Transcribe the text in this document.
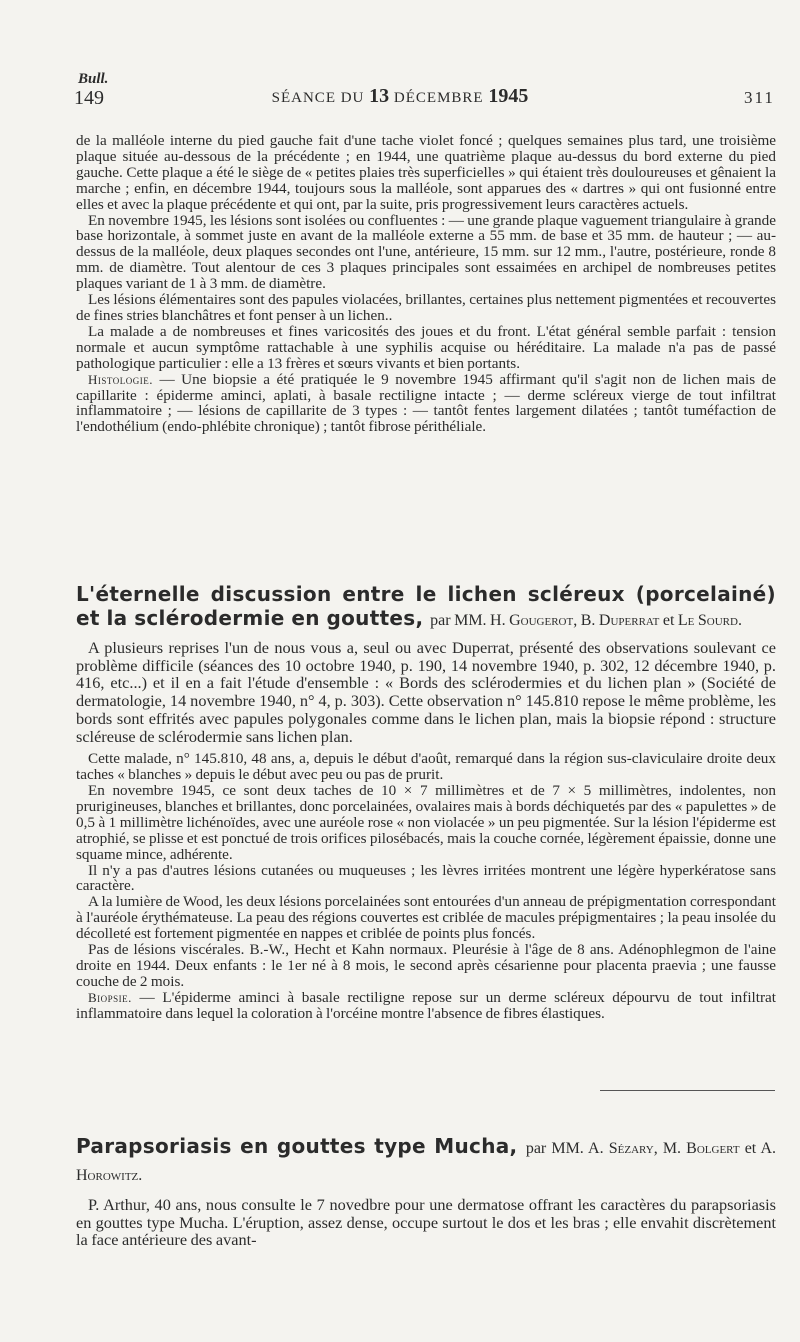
Bull.
149	SÉANCE DU 13 DÉCEMBRE 1945	311

de la malléole interne du pied gauche fait d'une tache violet foncé ; quelques semaines plus tard, une troisième plaque située au-dessous de la précédente ; en 1944, une quatrième plaque au-dessus du bord externe du pied gauche. Cette plaque a été le siège de « petites plaies très superficielles » qui étaient très douloureuses et gênaient la marche ; enfin, en décembre 1944, toujours sous la malléole, sont apparues des « dartres » qui ont fusionné entre elles et avec la plaque précédente et qui ont, par la suite, pris progressivement leurs caractères actuels.

En novembre 1945, les lésions sont isolées ou confluentes : — une grande plaque vaguement triangulaire à grande base horizontale, à sommet juste en avant de la malléole externe a 55 mm. de base et 35 mm. de hauteur ; — au-dessus de la malléole, deux plaques secondes ont l'une, antérieure, 15 mm. sur 12 mm., l'autre, postérieure, ronde 8 mm. de diamètre. Tout alentour de ces 3 plaques principales sont essaimées en archipel de nombreuses petites plaques variant de 1 à 3 mm. de diamètre.

Les lésions élémentaires sont des papules violacées, brillantes, certaines plus nettement pigmentées et recouvertes de fines stries blanchâtres et font penser à un lichen..

La malade a de nombreuses et fines varicosités des joues et du front. L'état général semble parfait : tension normale et aucun symptôme rattachable à une syphilis acquise ou héréditaire. La malade n'a pas de passé pathologique particulier : elle a 13 frères et sœurs vivants et bien portants.

Histologie. — Une biopsie a été pratiquée le 9 novembre 1945 affirmant qu'il s'agit non de lichen mais de capillarite : épiderme aminci, aplati, à basale rectiligne intacte ; — derme scléreux vierge de tout infiltrat inflammatoire ; — lésions de capillarite de 3 types : — tantôt fentes largement dilatées ; tantôt tuméfaction de l'endothélium (endo-phlébite chronique) ; tantôt fibrose périthéliale.

L'éternelle discussion entre le lichen scléreux (porcelainé) et la sclérodermie en gouttes, par MM. H. Gougerot, B. Duperrat et Le Sourd.

A plusieurs reprises l'un de nous vous a, seul ou avec Duperrat, présenté des observations soulevant ce problème difficile (séances des 10 octobre 1940, p. 190, 14 novembre 1940, p. 302, 12 décembre 1940, p. 416, etc...) et il en a fait l'étude d'ensemble : « Bords des sclérodermies et du lichen plan » (Société de dermatologie, 14 novembre 1940, n° 4, p. 303). Cette observation n° 145.810 repose le même problème, les bords sont effrités avec papules polygonales comme dans le lichen plan, mais la biopsie répond : structure scléreuse de sclérodermie sans lichen plan.

Cette malade, n° 145.810, 48 ans, a, depuis le début d'août, remarqué dans la région sus-claviculaire droite deux taches « blanches » depuis le début avec peu ou pas de prurit.

En novembre 1945, ce sont deux taches de 10 × 7 millimètres et de 7 × 5 millimètres, indolentes, non prurigineuses, blanches et brillantes, donc porcelainées, ovalaires mais à bords déchiquetés par des « papulettes » de 0,5 à 1 millimètre lichénoïdes, avec une auréole rose « non violacée » un peu pigmentée. Sur la lésion l'épiderme est atrophié, se plisse et est ponctué de trois orifices pilosébacés, mais la couche cornée, légèrement épaissie, donne une squame mince, adhérente.

Il n'y a pas d'autres lésions cutanées ou muqueuses ; les lèvres irritées montrent une légère hyperkératose sans caractère.

A la lumière de Wood, les deux lésions porcelainées sont entourées d'un anneau de prépigmentation correspondant à l'auréole érythémateuse. La peau des régions couvertes est criblée de macules prépigmentaires ; la peau insolée du décolleté est fortement pigmentée en nappes et criblée de points plus foncés.

Pas de lésions viscérales. B.-W., Hecht et Kahn normaux. Pleurésie à l'âge de 8 ans. Adénophlegmon de l'aine droite en 1944. Deux enfants : le 1er né à 8 mois, le second après césarienne pour placenta praevia ; une fausse couche de 2 mois.

Biopsie. — L'épiderme aminci à basale rectiligne repose sur un derme scléreux dépourvu de tout infiltrat inflammatoire dans lequel la coloration à l'orcéine montre l'absence de fibres élastiques.

Parapsoriasis en gouttes type Mucha, par MM. A. Sézary, M. Bolgert et A. Horowitz.

P. Arthur, 40 ans, nous consulte le 7 novedbre pour une dermatose offrant les caractères du parapsoriasis en gouttes type Mucha. L'éruption, assez dense, occupe surtout le dos et les bras ; elle envahit discrètement la face antérieure des avant-
